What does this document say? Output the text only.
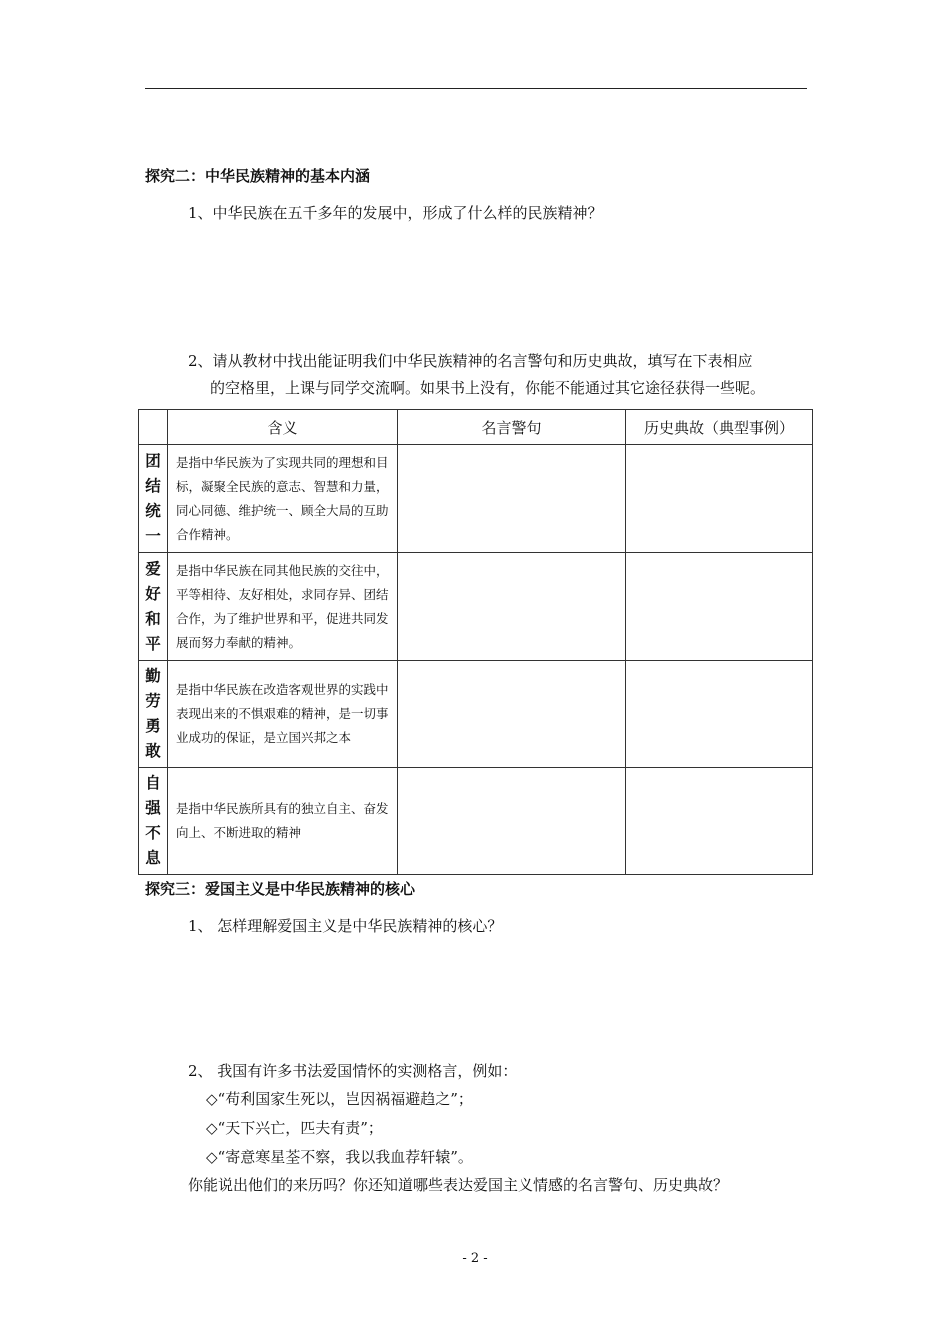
探究二：中华民族精神的基本内涵
1、中华民族在五千多年的发展中，形成了什么样的民族精神？
2、请从教材中找出能证明我们中华民族精神的名言警句和历史典故，填写在下表相应
的空格里，上课与同学交流啊。如果书上没有，你能不能通过其它途径获得一些呢。
	含义	名言警句	历史典故（典型事例）

团
结
统
一	是指中华民族为了实现共同的理想和目标，凝聚全民族的意志、智慧和力量，同心同德、维护统一、顾全大局的互助合作精神。		

爱
好
和
平	是指中华民族在同其他民族的交往中，平等相待、友好相处，求同存异、团结合作，为了维护世界和平，促进共同发展而努力奉献的精神。		

勤
劳
勇
敢	是指中华民族在改造客观世界的实践中表现出来的不惧艰难的精神，是一切事业成功的保证，是立国兴邦之本		

自
强
不
息	是指中华民族所具有的独立自主、奋发向上、不断进取的精神		
探究三：爱国主义是中华民族精神的核心
1、 怎样理解爱国主义是中华民族精神的核心？
2、 我国有许多书法爱国情怀的实测格言，例如：
◇“苟利国家生死以，岂因祸福避趋之”；
◇“天下兴亡，匹夫有责”；
◇“寄意寒星荃不察，我以我血荐轩辕”。
你能说出他们的来历吗？你还知道哪些表达爱国主义情感的名言警句、历史典故？
- 2 -
